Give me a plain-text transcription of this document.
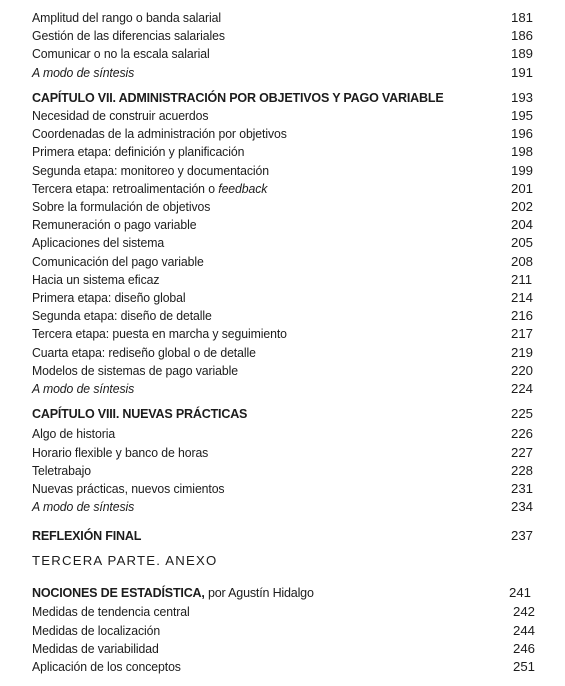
Amplitud del rango o banda salarial	181
Gestión de las diferencias salariales	186
Comunicar o no la escala salarial	189
A modo de síntesis	191
CAPÍTULO VII. ADMINISTRACIÓN POR OBJETIVOS Y PAGO VARIABLE	193
Necesidad de construir acuerdos	195
Coordenadas de la administración por objetivos	196
Primera etapa: definición y planificación	198
Segunda etapa: monitoreo y documentación	199
Tercera etapa: retroalimentación o feedback	201
Sobre la formulación de objetivos	202
Remuneración o pago variable	204
Aplicaciones del sistema	205
Comunicación del pago variable	208
Hacia un sistema eficaz	211
Primera etapa: diseño global	214
Segunda etapa: diseño de detalle	216
Tercera etapa: puesta en marcha y seguimiento	217
Cuarta etapa: rediseño global o de detalle	219
Modelos de sistemas de pago variable	220
A modo de síntesis	224
CAPÍTULO VIII. NUEVAS PRÁCTICAS	225
Algo de historia	226
Horario flexible y banco de horas	227
Teletrabajo	228
Nuevas prácticas, nuevos cimientos	231
A modo de síntesis	234
REFLEXIÓN FINAL	237
TERCERA PARTE. ANEXO
NOCIONES DE ESTADÍSTICA, por Agustín Hidalgo	241
Medidas de tendencia central	242
Medidas de localización	244
Medidas de variabilidad	246
Aplicación de los conceptos	251
